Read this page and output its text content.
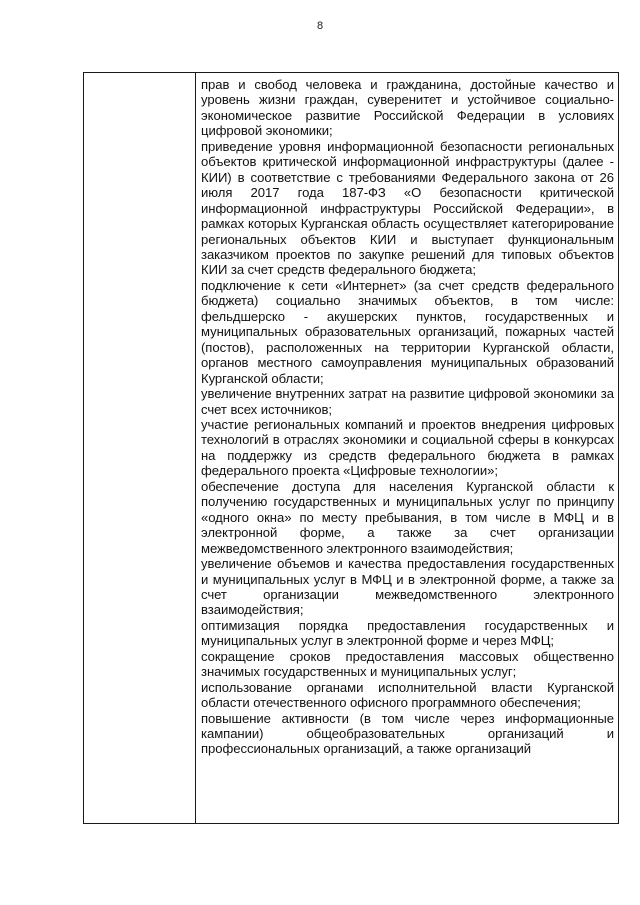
8

прав и свобод человека и гражданина, достойные качество и уровень жизни граждан, суверенитет и устойчивое социально-экономическое развитие Российской Федерации в условиях цифровой экономики;

приведение уровня информационной безопасности региональных объектов критической информационной инфраструктуры (далее - КИИ) в соответствие с требованиями Федерального закона от 26 июля 2017 года 187-ФЗ «О безопасности критической информационной инфраструктуры Российской Федерации», в рамках которых Курганская область осуществляет категорирование региональных объектов КИИ и выступает функциональным заказчиком проектов по закупке решений для типовых объектов КИИ за счет средств федерального бюджета;

подключение к сети «Интернет» (за счет средств федерального бюджета) социально значимых объектов, в том числе: фельдшерско - акушерских пунктов, государственных и муниципальных образовательных организаций, пожарных частей (постов), расположенных на территории Курганской области, органов местного самоуправления муниципальных образований Курганской области;

увеличение внутренних затрат на развитие цифровой экономики за счет всех источников;

участие региональных компаний и проектов внедрения цифровых технологий в отраслях экономики и социальной сферы в конкурсах на поддержку из средств федерального бюджета в рамках федерального проекта «Цифровые технологии»;

обеспечение доступа для населения Курганской области к получению государственных и муниципальных услуг по принципу «одного окна» по месту пребывания, в том числе в МФЦ и в электронной форме, а также за счет организации межведомственного электронного взаимодействия;

увеличение объемов и качества предоставления государственных и муниципальных услуг в МФЦ и в электронной форме, а также за счет организации межведомственного электронного взаимодействия;

оптимизация порядка предоставления государственных и муниципальных услуг в электронной форме и через МФЦ;

сокращение сроков предоставления массовых общественно значимых государственных и муниципальных услуг;

использование органами исполнительной власти Курганской области отечественного офисного программного обеспечения;

повышение активности (в том числе через информационные кампании) общеобразовательных организаций и профессиональных организаций, а также организаций
